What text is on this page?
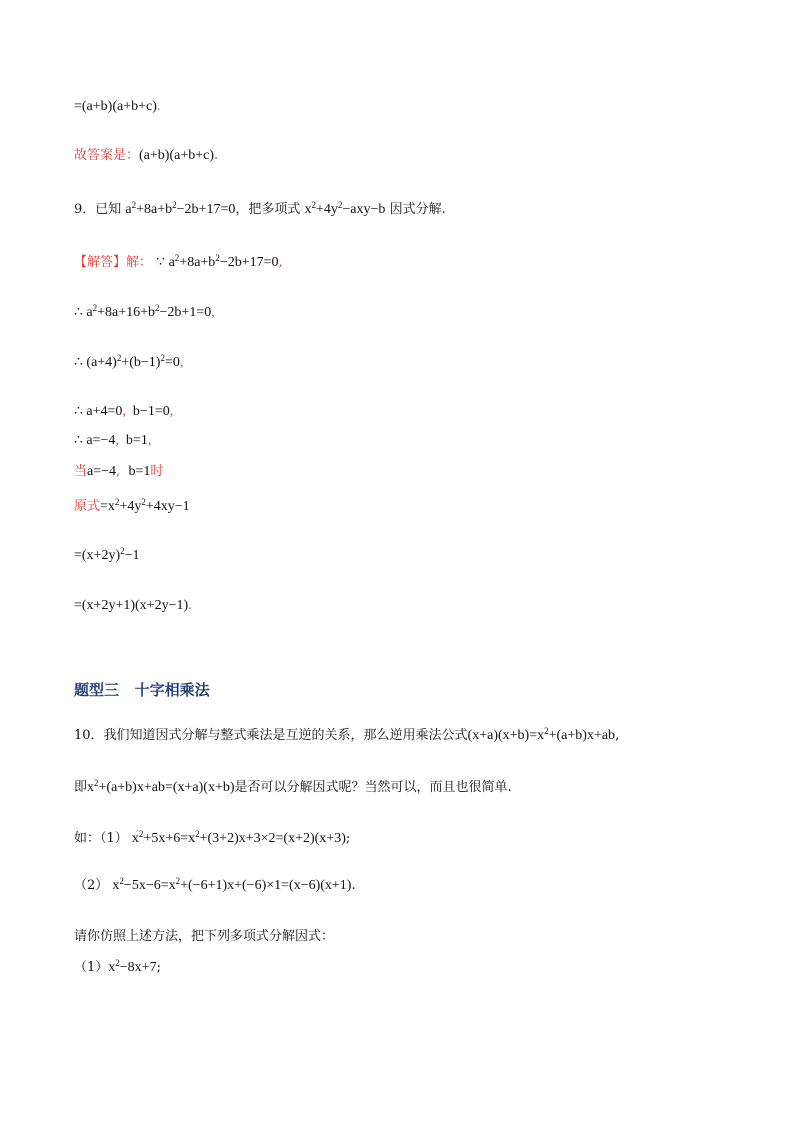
=(a+b)(a+b+c).
故答案是：(a+b)(a+b+c).
9．已知 $a^2+8a+b^2-2b+17=0$，把多项式 $x^2+4y^2-axy-b$ 因式分解.
【解答】解： ∵ $a^2+8a+b^2-2b+17=0$,
∴ $a^2+8a+16+b^2-2b+1=0$,
∴ $(a+4)^2+(b-1)^2=0$,
∴ a+4=0, b−1=0,
∴ a=−4, b=1,
当a=−4, b=1时
原式$=x^2+4y^2+4xy-1$
$=(x+2y)^2-1$
=(x+2y+1)(x+2y−1).
题型三   十字相乘法
10．我们知道因式分解与整式乘法是互逆的关系，那么逆用乘法公式$(x+a)(x+b)=x^2+(a+b)x+ab$,
即$x^2+(a+b)x+ab=(x+a)(x+b)$是否可以分解因式呢？当然可以，而且也很简单.
如：（1） $x^2+5x+6=x^2+(3+2)x+3\times 2=(x+2)(x+3)$;
（2） $x^2-5x-6=x^2+(-6+1)x+(-6)\times 1=(x-6)(x+1)$.
请你仿照上述方法，把下列多项式分解因式：
$(1)x^2-8x+7$;
